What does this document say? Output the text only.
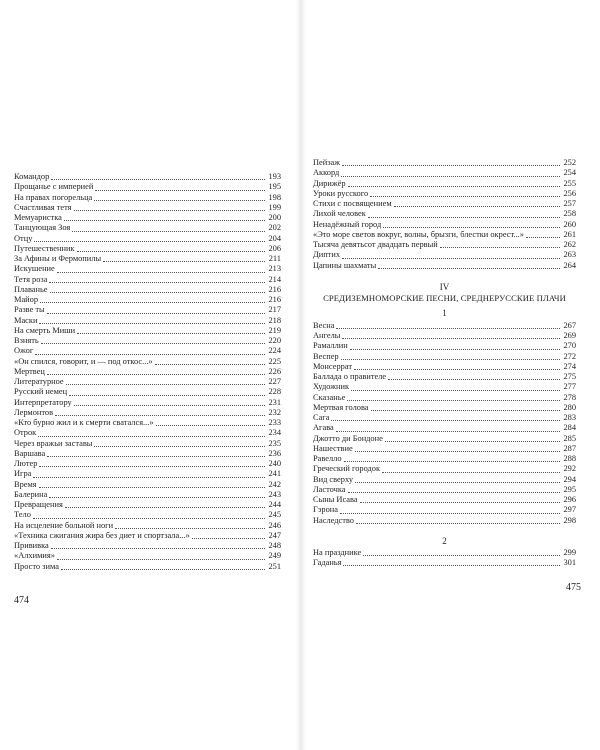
Командор	193
Прощанье с империей	195
На правах погорельца	198
Счастливая тетя	199
Мемуаристка	200
Танцующая Зоя	202
Отцу	204
Путешественник	206
За Афины и Фермопилы	211
Искушение	213
Тетя роза	214
Плаванье	216
Майор	216
Разве ты	217
Маски	218
На смерть Миши	219
Взнять	220
Ожог	224
«Он спился, говорит, и — под откос...»	225
Мертвец	226
Литературное	227
Русский немец	228
Интерпретатору	231
Лермонтов	232
«Кто бурно жил и к смерти сватался...»	233
Отрок	234
Через вражьи заставы	235
Варшава	236
Лютер	240
Игра	241
Время	242
Балерина	243
Превращения	244
Тело	245
На исцеление больной ноги	246
«Техника сжигания жира без диет и спортзала...»	247
Прививка	248
«Алхимия»	249
Просто зима	251
474
Пейзаж	252
Аккорд	254
Дирижёр	255
Уроки русского	256
Стихи с посвящением	257
Лихой человек	258
Ненадёжный город	260
«Это море светов вокруг, волны, брызги, блестки окрест...»	261
Тысяча девятьсот двадцать первый	262
Диптих	263
Цапины шахматы	264
IV
СРЕДИЗЕМНОМОРСКИЕ ПЕСНИ, СРЕДНЕРУССКИЕ ПЛАЧИ
1
Весна	267
Ангелы	269
Рамаллин	270
Веспер	272
Монсеррат	274
Баллада о правителе	275
Художник	277
Сказанье	278
Мертвая голова	280
Сага	283
Агава	284
Джотто ди Бондоне	285
Нашествие	287
Равелло	288
Греческий городок	292
Вид сверху	294
Ласточка	295
Сыны Исава	296
Гэрона	297
Наследство	298
2
На празднике	299
Гаданья	301
475
